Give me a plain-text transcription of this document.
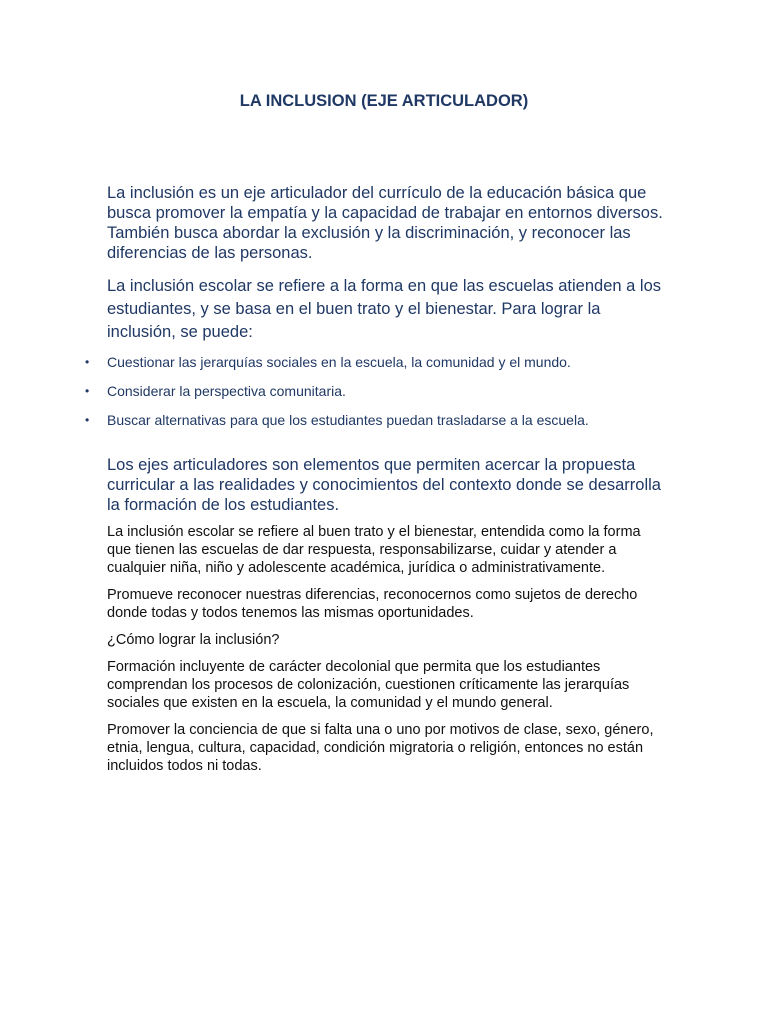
LA INCLUSION (EJE ARTICULADOR)

La inclusión es un eje articulador del currículo de la educación básica que busca promover la empatía y la capacidad de trabajar en entornos diversos. También busca abordar la exclusión y la discriminación, y reconocer las diferencias de las personas.

La inclusión escolar se refiere a la forma en que las escuelas atienden a los estudiantes, y se basa en el buen trato y el bienestar. Para lograr la inclusión, se puede:

• Cuestionar las jerarquías sociales en la escuela, la comunidad y el mundo.
• Considerar la perspectiva comunitaria.
• Buscar alternativas para que los estudiantes puedan trasladarse a la escuela.

Los ejes articuladores son elementos que permiten acercar la propuesta curricular a las realidades y conocimientos del contexto donde se desarrolla la formación de los estudiantes.

La inclusión escolar se refiere al buen trato y el bienestar, entendida como la forma que tienen las escuelas de dar respuesta, responsabilizarse, cuidar y atender a cualquier niña, niño y adolescente académica, jurídica o administrativamente.

Promueve reconocer nuestras diferencias, reconocernos como sujetos de derecho donde todas y todos tenemos las mismas oportunidades.

¿Cómo lograr la inclusión?

Formación incluyente de carácter decolonial que permita que los estudiantes comprendan los procesos de colonización, cuestionen críticamente las jerarquías sociales que existen en la escuela, la comunidad y el mundo general.

Promover la conciencia de que si falta una o uno por motivos de clase, sexo, género, etnia, lengua, cultura, capacidad, condición migratoria o religión, entonces no están incluidos todos ni todas.
